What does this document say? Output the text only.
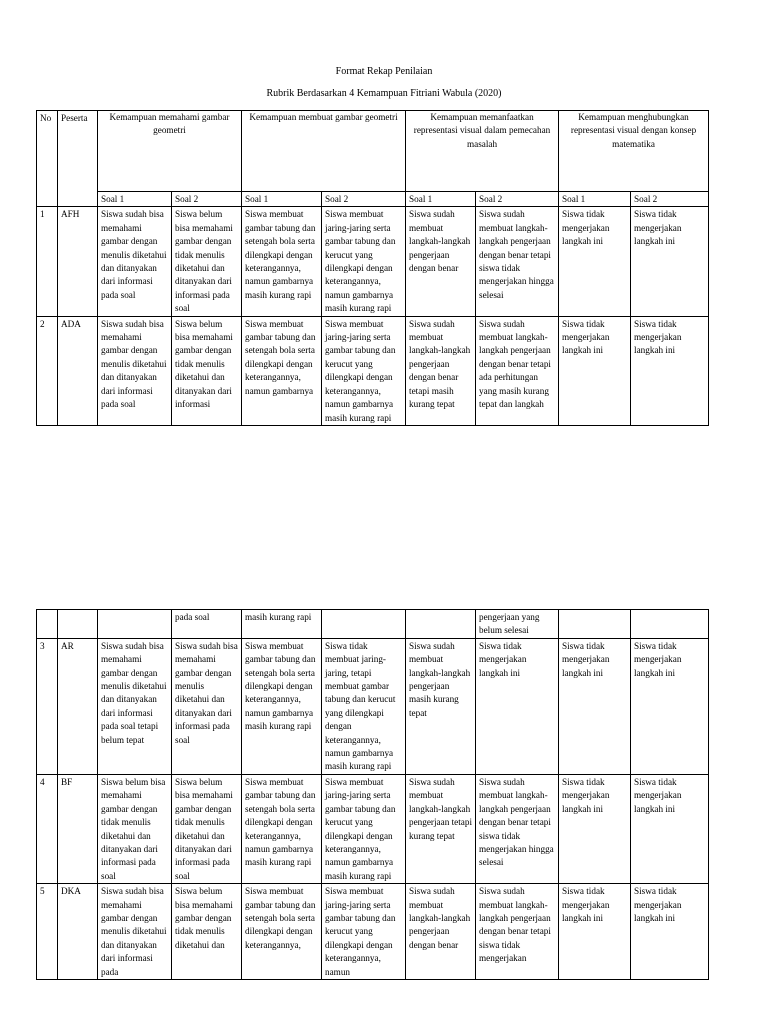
Format Rekap Penilaian
Rubrik Berdasarkan 4 Kemampuan Fitriani Wabula (2020)
No	Peserta	Kemampuan memahami gambar geometri		Kemampuan membuat gambar geometri		Kemampuan memanfaatkan representasi visual dalam pemecahan masalah		Kemampuan menghubungkan representasi visual dengan konsep matematika	
		Soal 1	Soal 2	Soal 1	Soal 2	Soal 1	Soal 2	Soal 1	Soal 2
1	AFH	Siswa sudah bisa memahami gambar dengan menulis diketahui dan ditanyakan dari informasi pada soal	Siswa belum bisa memahami gambar dengan tidak menulis diketahui dan ditanyakan dari informasi pada soal	Siswa membuat gambar tabung dan setengah bola serta dilengkapi dengan keterangannya, namun gambarnya masih kurang rapi	Siswa membuat jaring-jaring serta gambar tabung dan kerucut yang dilengkapi dengan keterangannya, namun gambarnya masih kurang rapi	Siswa sudah membuat langkah-langkah pengerjaan dengan benar	Siswa sudah membuat langkah-langkah pengerjaan dengan benar tetapi siswa tidak mengerjakan hingga selesai	Siswa tidak mengerjakan langkah ini	Siswa tidak mengerjakan langkah ini
2	ADA	Siswa sudah bisa memahami gambar dengan menulis diketahui dan ditanyakan dari informasi pada soal	Siswa belum bisa memahami gambar dengan tidak menulis diketahui dan ditanyakan dari informasi	Siswa membuat gambar tabung dan setengah bola serta dilengkapi dengan keterangannya, namun gambarnya	Siswa membuat jaring-jaring serta gambar tabung dan kerucut yang dilengkapi dengan keterangannya, namun gambarnya masih kurang rapi	Siswa sudah membuat langkah-langkah pengerjaan dengan benar tetapi masih kurang tepat	Siswa sudah membuat langkah-langkah pengerjaan dengan benar tetapi ada perhitungan yang masih kurang tepat dan langkah	Siswa tidak mengerjakan langkah ini	Siswa tidak mengerjakan langkah ini
			pada soal	masih kurang rapi			pengerjaan yang belum selesai		
3	AR	Siswa sudah bisa memahami gambar dengan menulis diketahui dan ditanyakan dari informasi pada soal tetapi belum tepat	Siswa sudah bisa memahami gambar dengan menulis diketahui dan ditanyakan dari informasi pada soal	Siswa membuat gambar tabung dan setengah bola serta dilengkapi dengan keterangannya, namun gambarnya masih kurang rapi	Siswa tidak membuat jaring-jaring, tetapi membuat gambar tabung dan kerucut yang dilengkapi dengan keterangannya, namun gambarnya masih kurang rapi	Siswa sudah membuat langkah-langkah pengerjaan masih kurang tepat	Siswa tidak mengerjakan langkah ini	Siswa tidak mengerjakan langkah ini	Siswa tidak mengerjakan langkah ini
4	BF	Siswa belum bisa memahami gambar dengan tidak menulis diketahui dan ditanyakan dari informasi pada soal	Siswa belum bisa memahami gambar dengan tidak menulis diketahui dan ditanyakan dari informasi pada soal	Siswa membuat gambar tabung dan setengah bola serta dilengkapi dengan keterangannya, namun gambarnya masih kurang rapi	Siswa membuat jaring-jaring serta gambar tabung dan kerucut yang dilengkapi dengan keterangannya, namun gambarnya masih kurang rapi	Siswa sudah membuat langkah-langkah pengerjaan tetapi kurang tepat	Siswa sudah membuat langkah-langkah pengerjaan dengan benar tetapi siswa tidak mengerjakan hingga selesai	Siswa tidak mengerjakan langkah ini	Siswa tidak mengerjakan langkah ini
5	DKA	Siswa sudah bisa memahami gambar dengan menulis diketahui dan ditanyakan dari informasi pada	Siswa belum bisa memahami gambar dengan tidak menulis diketahui dan	Siswa membuat gambar tabung dan setengah bola serta dilengkapi dengan keterangannya,	Siswa membuat jaring-jaring serta gambar tabung dan kerucut yang dilengkapi dengan keterangannya, namun	Siswa sudah membuat langkah-langkah pengerjaan dengan benar	Siswa sudah membuat langkah-langkah pengerjaan dengan benar tetapi siswa tidak mengerjakan	Siswa tidak mengerjakan langkah ini	Siswa tidak mengerjakan langkah ini
